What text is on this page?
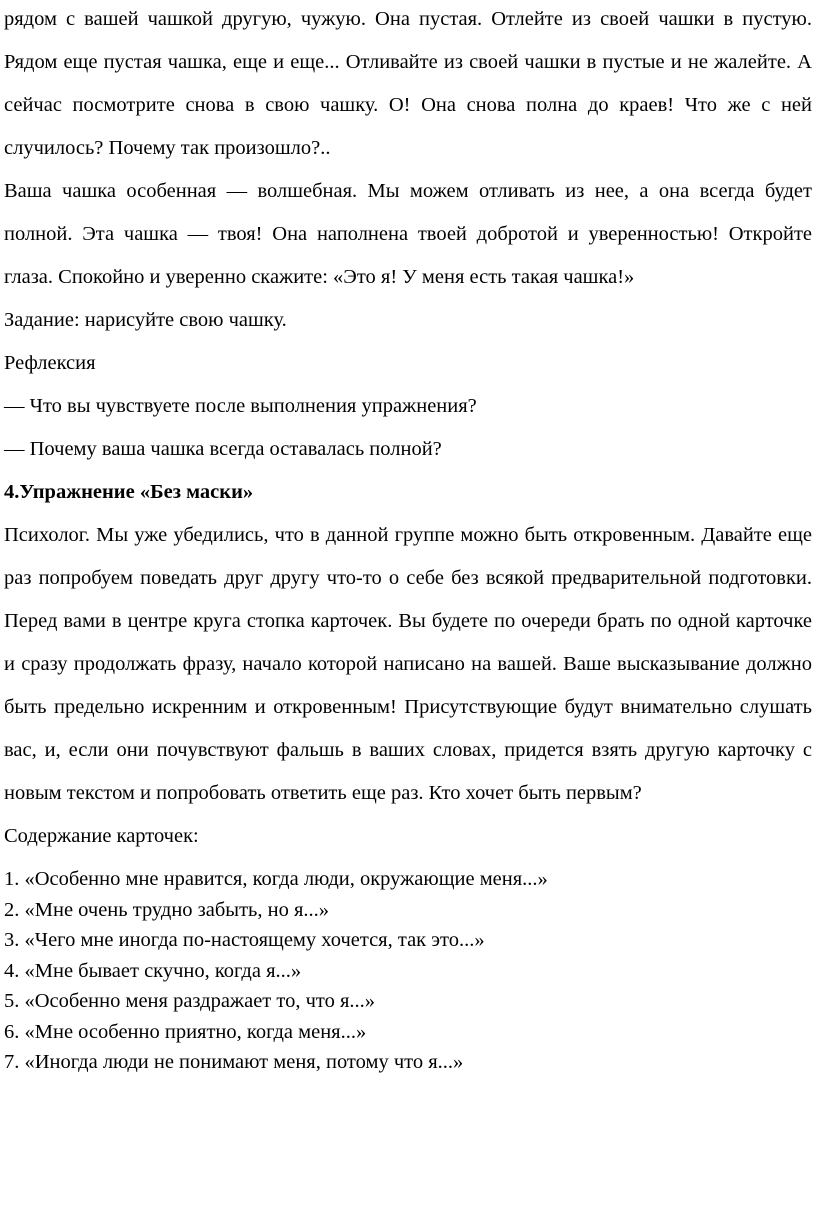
рядом с вашей чашкой другую, чужую. Она пустая. Отлейте из своей чашки в пустую. Рядом еще пустая чашка, еще и еще... Отливайте из своей чашки в пустые и не жалейте. А сейчас посмотрите снова в свою чашку. О! Она снова полна до краев! Что же с ней случилось? Почему так произошло?..

Ваша чашка особенная — волшебная. Мы можем отливать из нее, а она всегда будет полной. Эта чашка — твоя! Она наполнена твоей добротой и уверенностью! Откройте глаза. Спокойно и уверенно скажите: «Это я! У меня есть такая чашка!»

Задание: нарисуйте свою чашку.

Рефлексия

— Что вы чувствуете после выполнения упражнения?

— Почему ваша чашка всегда оставалась полной?

4.Упражнение «Без маски»

Психолог. Мы уже убедились, что в данной группе можно быть откровенным. Давайте еще раз попробуем поведать друг другу что-то о себе без всякой предварительной подготовки. Перед вами в центре круга стопка карточек. Вы будете по очереди брать по одной карточке и сразу продолжать фразу, начало которой написано на вашей. Ваше высказывание должно быть предельно искренним и откровенным! Присутствующие будут внимательно слушать вас, и, если они почувствуют фальшь в ваших словах, придется взять другую карточку с новым текстом и попробовать ответить еще раз. Кто хочет быть первым?

Содержание карточек:

1. «Особенно мне нравится, когда люди, окружающие меня...»
2. «Мне очень трудно забыть, но я...»
3. «Чего мне иногда по-настоящему хочется, так это...»
4. «Мне бывает скучно, когда я...»
5. «Особенно меня раздражает то, что я...»
6. «Мне особенно приятно, когда меня...»
7. «Иногда люди не понимают меня, потому что я...»
